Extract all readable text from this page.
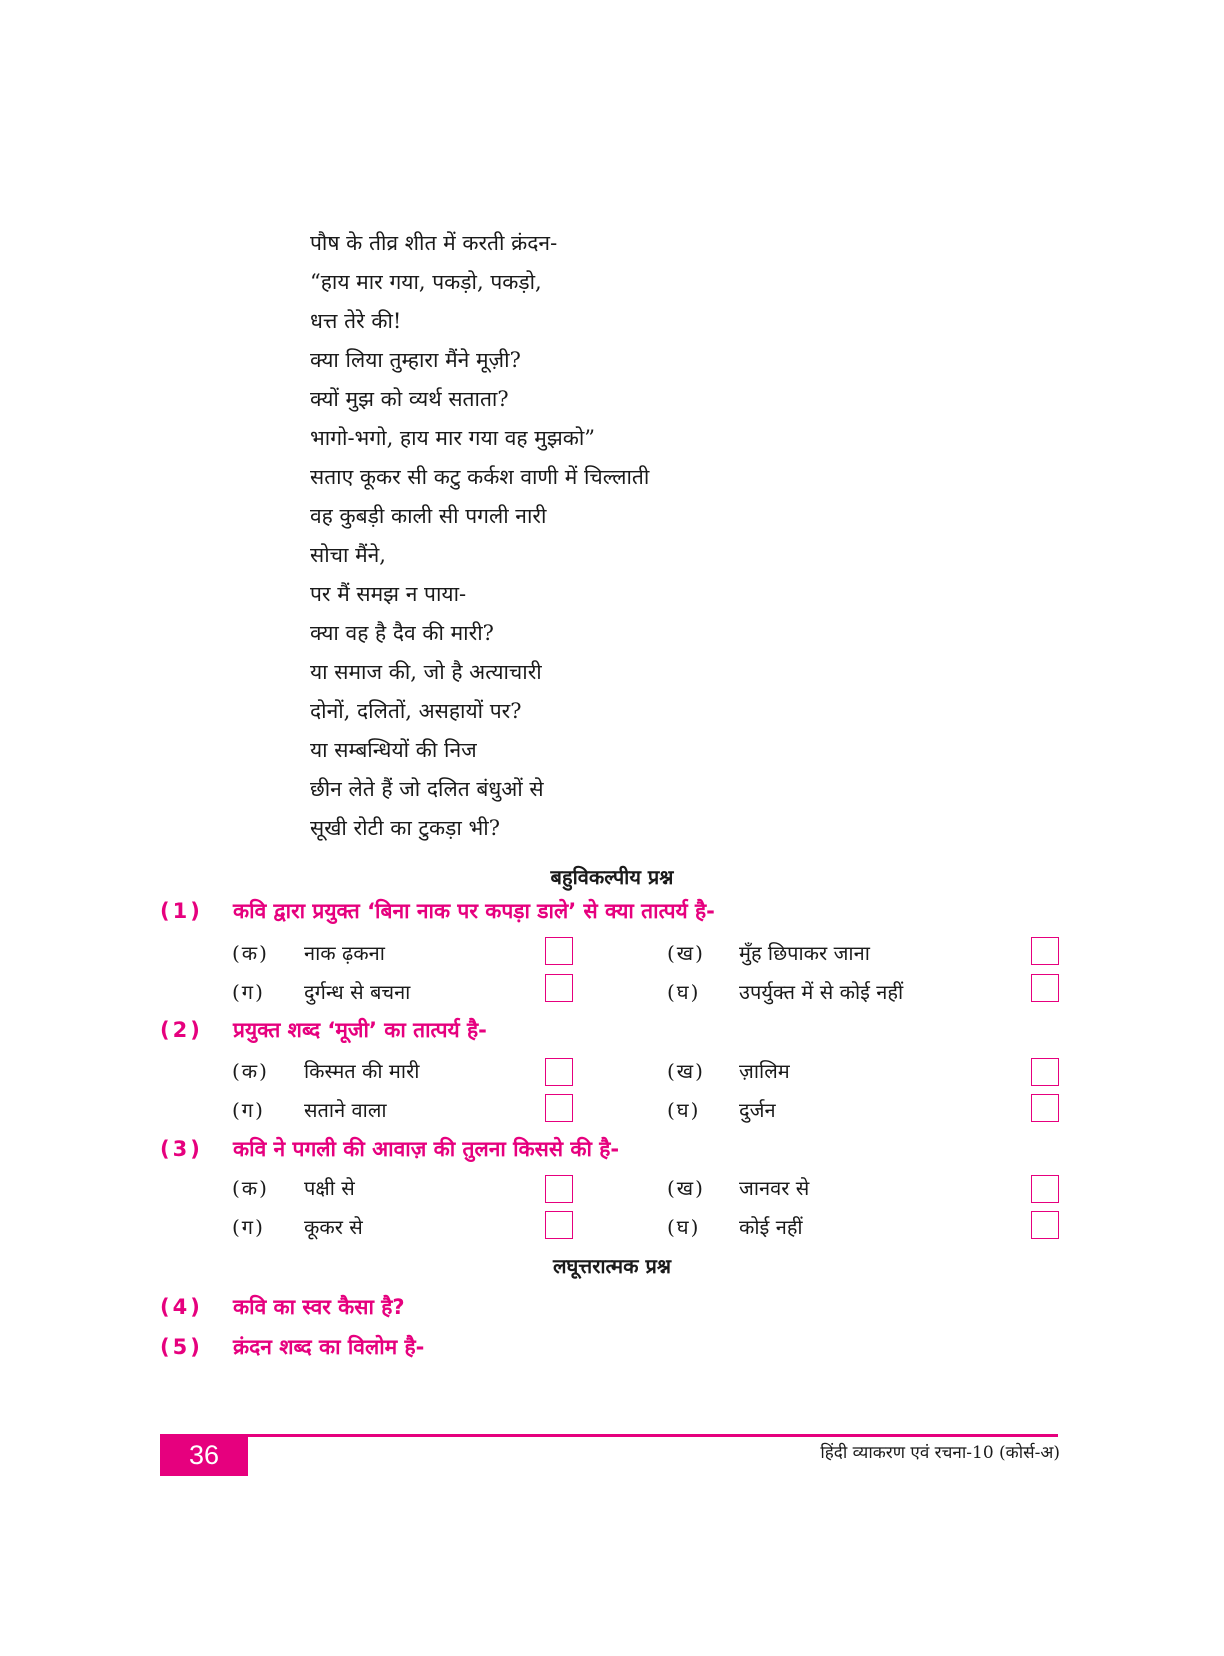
पौष के तीव्र शीत में करती क्रंदन-
“हाय मार गया, पकड़ो, पकड़ो,
धत्त तेरे की!
क्या लिया तुम्हारा मैंने मूज़ी?
क्यों मुझ को व्यर्थ सताता?
भागो-भगो, हाय मार गया वह मुझको”
सताए कूकर सी कटु कर्कश वाणी में चिल्लाती
वह कुबड़ी काली सी पगली नारी
सोचा मैंने,
पर मैं समझ न पाया-
क्या वह है दैव की मारी?
या समाज की, जो है अत्याचारी
दोनों, दलितों, असहायों पर?
या सम्बन्धियों की निज
छीन लेते हैं जो दलित बंधुओं से
सूखी रोटी का टुकड़ा भी?
बहुविकल्पीय प्रश्न
(1) कवि द्वारा प्रयुक्त ‘बिना नाक पर कपड़ा डाले’ से क्या तात्पर्य है-
(क) नाक ढ़कना	(ख) मुँह छिपाकर जाना
(ग) दुर्गन्ध से बचना	(घ) उपर्युक्त में से कोई नहीं
(2) प्रयुक्त शब्द ‘मूजी’ का तात्पर्य है-
(क) किस्मत की मारी	(ख) ज़ालिम
(ग) सताने वाला	(घ) दुर्जन
(3) कवि ने पगली की आवाज़ की तुलना किससे की है-
(क) पक्षी से	(ख) जानवर से
(ग) कूकर से	(घ) कोई नहीं
लघूत्तरात्मक प्रश्न
(4) कवि का स्वर कैसा है?
(5) क्रंदन शब्द का विलोम है-
36	हिंदी व्याकरण एवं रचना-10 (कोर्स-अ)
